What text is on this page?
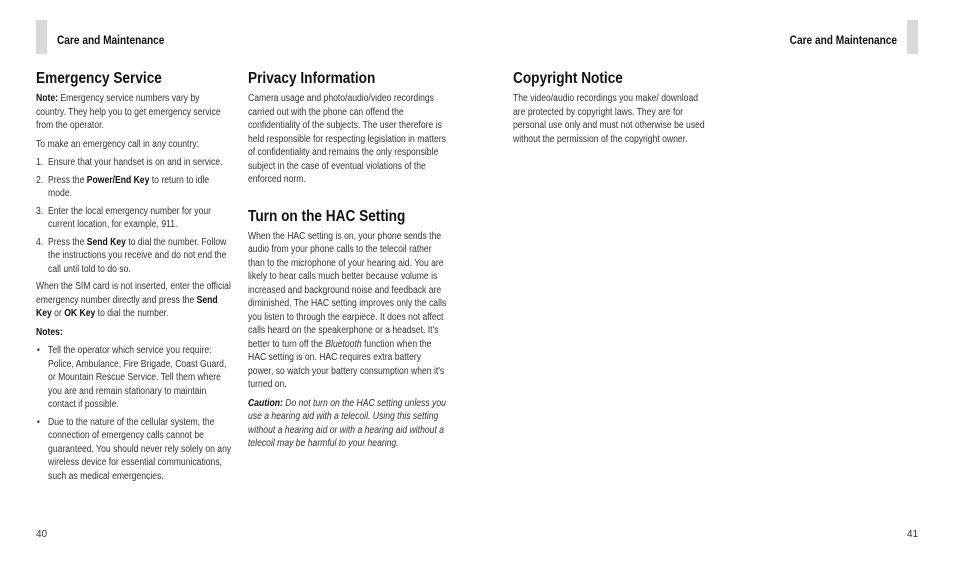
Care and Maintenance	Care and Maintenance
Emergency Service

Note: Emergency service numbers vary by country. They help you to get emergency service from the operator.

To make an emergency call in any country:

1. Ensure that your handset is on and in service.
2. Press the Power/End Key to return to idle mode.
3. Enter the local emergency number for your current location, for example, 911.
4. Press the Send Key to dial the number. Follow the instructions you receive and do not end the call until told to do so.

When the SIM card is not inserted, enter the official emergency number directly and press the Send Key or OK Key to dial the number.

Notes:

• Tell the operator which service you require: Police, Ambulance, Fire Brigade, Coast Guard, or Mountain Rescue Service. Tell them where you are and remain stationary to maintain contact if possible.
• Due to the nature of the cellular system, the connection of emergency calls cannot be guaranteed. You should never rely solely on any wireless device for essential communications, such as medical emergencies.
Privacy Information

Camera usage and photo/audio/video recordings carried out with the phone can offend the confidentiality of the subjects. The user therefore is held responsible for respecting legislation in matters of confidentiality and remains the only responsible subject in the case of eventual violations of the enforced norm.

Turn on the HAC Setting

When the HAC setting is on, your phone sends the audio from your phone calls to the telecoil rather than to the microphone of your hearing aid. You are likely to hear calls much better because volume is increased and background noise and feedback are diminished. The HAC setting improves only the calls you listen to through the earpiece. It does not affect calls heard on the speakerphone or a headset. It's better to turn off the Bluetooth function when the HAC setting is on. HAC requires extra battery power, so watch your battery consumption when it's turned on.

Caution: Do not turn on the HAC setting unless you use a hearing aid with a telecoil. Using this setting without a hearing aid or with a hearing aid without a telecoil may be harmful to your hearing.

Copyright Notice

The video/audio recordings you make/ download are protected by copyright laws. They are for personal use only and must not otherwise be used without the permission of the copyright owner.

40	41
